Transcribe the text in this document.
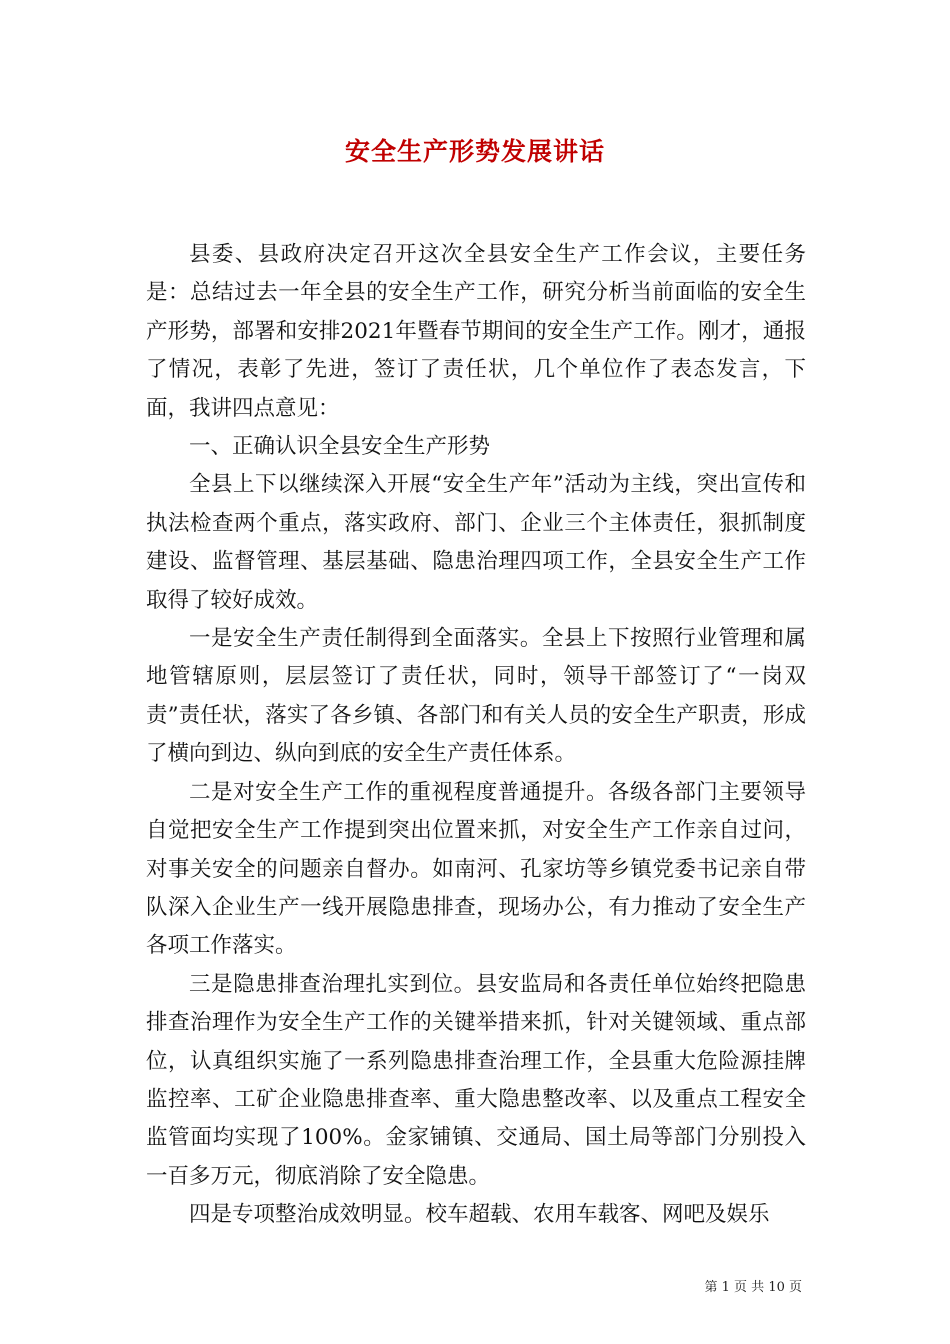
安全生产形势发展讲话

县委、县政府决定召开这次全县安全生产工作会议，主要任务是：总结过去一年全县的安全生产工作，研究分析当前面临的安全生产形势，部署和安排2021年暨春节期间的安全生产工作。刚才，通报了情况，表彰了先进，签订了责任状，几个单位作了表态发言，下面，我讲四点意见：

一、正确认识全县安全生产形势

全县上下以继续深入开展“安全生产年”活动为主线，突出宣传和执法检查两个重点，落实政府、部门、企业三个主体责任，狠抓制度建设、监督管理、基层基础、隐患治理四项工作，全县安全生产工作取得了较好成效。

一是安全生产责任制得到全面落实。全县上下按照行业管理和属地管辖原则，层层签订了责任状，同时，领导干部签订了“一岗双责”责任状，落实了各乡镇、各部门和有关人员的安全生产职责，形成了横向到边、纵向到底的安全生产责任体系。

二是对安全生产工作的重视程度普通提升。各级各部门主要领导自觉把安全生产工作提到突出位置来抓，对安全生产工作亲自过问，对事关安全的问题亲自督办。如南河、孔家坊等乡镇党委书记亲自带队深入企业生产一线开展隐患排查，现场办公，有力推动了安全生产各项工作落实。

三是隐患排查治理扎实到位。县安监局和各责任单位始终把隐患排查治理作为安全生产工作的关键举措来抓，针对关键领域、重点部位，认真组织实施了一系列隐患排查治理工作，全县重大危险源挂牌监控率、工矿企业隐患排查率、重大隐患整改率、以及重点工程安全监管面均实现了100%。金家铺镇、交通局、国土局等部门分别投入一百多万元，彻底消除了安全隐患。

四是专项整治成效明显。校车超载、农用车载客、网吧及娱乐

第 1 页 共 10 页
